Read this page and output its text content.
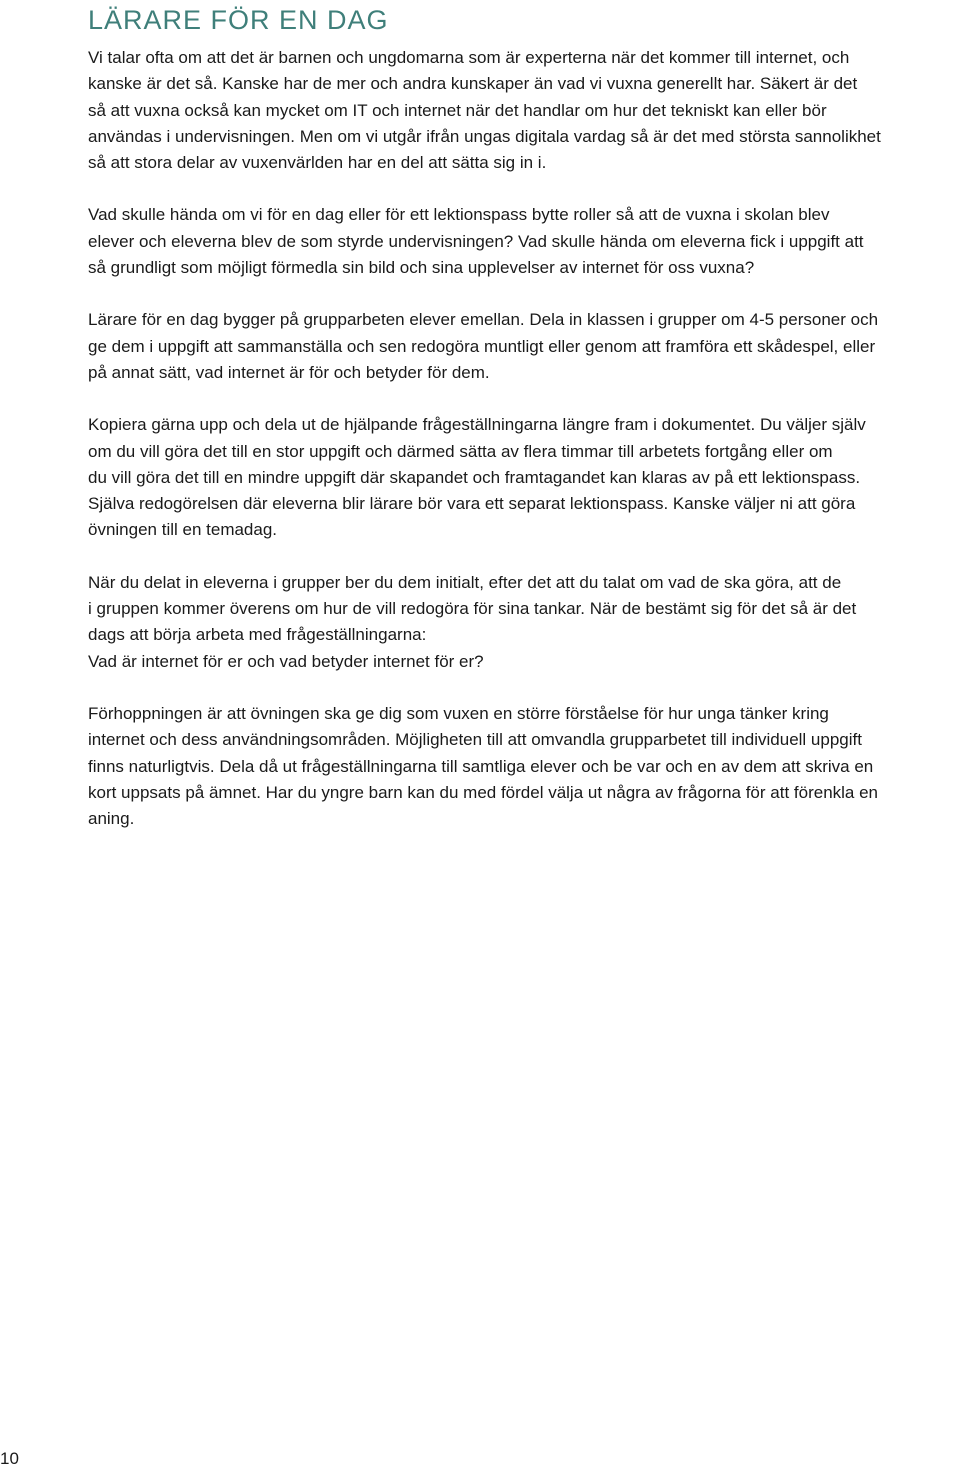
LÄRARE FÖR EN DAG

Vi talar ofta om att det är barnen och ungdomarna som är experterna när det kommer till internet, och
kanske är det så. Kanske har de mer och andra kunskaper än vad vi vuxna generellt har. Säkert är det
så att vuxna också kan mycket om IT och internet när det handlar om hur det tekniskt kan eller bör
användas i undervisningen. Men om vi utgår ifrån ungas digitala vardag så är det med största sannolikhet
så att stora delar av vuxenvärlden har en del att sätta sig in i.

Vad skulle hända om vi för en dag eller för ett lektionspass bytte roller så att de vuxna i skolan blev
elever och eleverna blev de som styrde undervisningen? Vad skulle hända om eleverna fick i uppgift att
så grundligt som möjligt förmedla sin bild och sina upplevelser av internet för oss vuxna?

Lärare för en dag bygger på grupparbeten elever emellan. Dela in klassen i grupper om 4-5 personer och
ge dem i uppgift att sammanställa och sen redogöra muntligt eller genom att framföra ett skådespel, eller
på annat sätt, vad internet är för och betyder för dem.

Kopiera gärna upp och dela ut de hjälpande frågeställningarna längre fram i dokumentet. Du väljer själv
om du vill göra det till en stor uppgift och därmed sätta av flera timmar till arbetets fortgång eller om
du vill göra det till en mindre uppgift där skapandet och framtagandet kan klaras av på ett lektionspass.
Själva redogörelsen där eleverna blir lärare bör vara ett separat lektionspass. Kanske väljer ni att göra
övningen till en temadag.

När du delat in eleverna i grupper ber du dem initialt, efter det att du talat om vad de ska göra, att de
i gruppen kommer överens om hur de vill redogöra för sina tankar. När de bestämt sig för det så är det
dags att börja arbeta med frågeställningarna:
Vad är internet för er och vad betyder internet för er?

Förhoppningen är att övningen ska ge dig som vuxen en större förståelse för hur unga tänker kring
internet och dess användningsområden. Möjligheten till att omvandla grupparbetet till individuell uppgift
finns naturligtvis. Dela då ut frågeställningarna till samtliga elever och be var och en av dem att skriva en
kort uppsats på ämnet. Har du yngre barn kan du med fördel välja ut några av frågorna för att förenkla en
aning.

10
